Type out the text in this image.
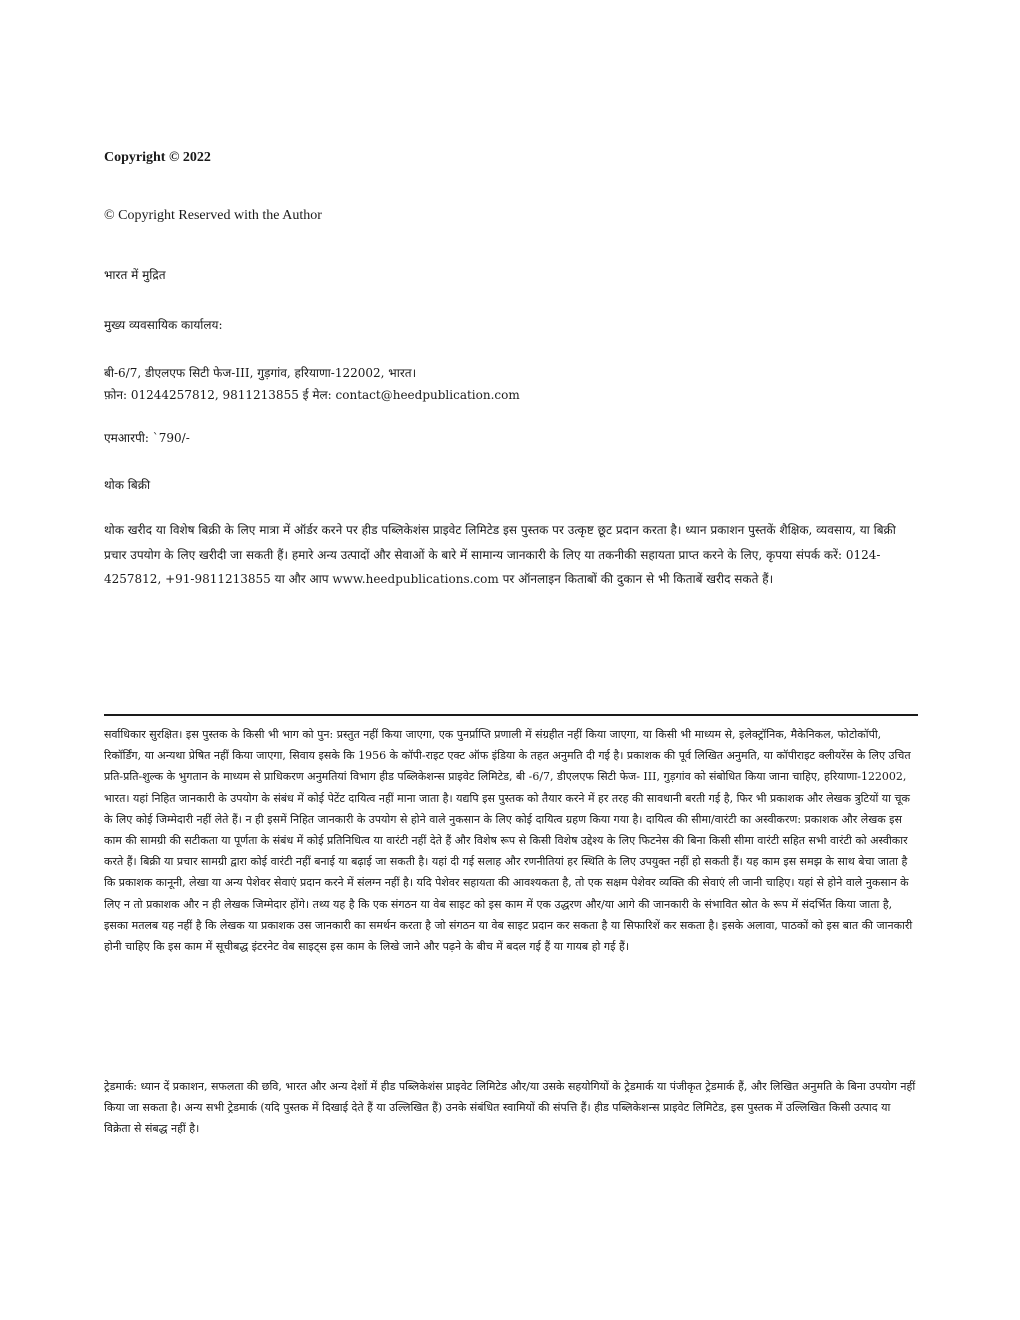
Copyright © 2022

© Copyright Reserved with the Author

भारत में मुद्रित

मुख्य व्यवसायिक कार्यालय:

बी-6/7, डीएलएफ सिटी फेज-III, गुड़गांव, हरियाणा-122002, भारत।
फ़ोन: 01244257812, 9811213855 ई मेल: contact@heedpublication.com

एमआरपी: `790/-

थोक बिक्री

थोक खरीद या विशेष बिक्री के लिए मात्रा में ऑर्डर करने पर हीड पब्लिकेशंस प्राइवेट लिमिटेड इस पुस्तक पर उत्कृष्ट छूट प्रदान करता है। ध्यान प्रकाशन पुस्तकें शैक्षिक, व्यवसाय, या बिक्री प्रचार उपयोग के लिए खरीदी जा सकती हैं। हमारे अन्य उत्पादों और सेवाओं के बारे में सामान्य जानकारी के लिए या तकनीकी सहायता प्राप्त करने के लिए, कृपया संपर्क करें: 0124-4257812, +91-9811213855 या और आप www.heedpublications.com पर ऑनलाइन किताबों की दुकान से भी किताबें खरीद सकते हैं।

सर्वाधिकार सुरक्षित। इस पुस्तक के किसी भी भाग को पुन: प्रस्तुत नहीं किया जाएगा, एक पुनर्प्राप्ति प्रणाली में संग्रहीत नहीं किया जाएगा, या किसी भी माध्यम से, इलेक्ट्रॉनिक, मैकेनिकल, फोटोकॉपी, रिकॉर्डिंग, या अन्यथा प्रेषित नहीं किया जाएगा, सिवाय इसके कि 1956 के कॉपी-राइट एक्ट ऑफ इंडिया के तहत अनुमति दी गई है। प्रकाशक की पूर्व लिखित अनुमति, या कॉपीराइट क्लीयरेंस के लिए उचित प्रति-प्रति-शुल्क के भुगतान के माध्यम से प्राधिकरण अनुमतियां विभाग हीड पब्लिकेशन्स प्राइवेट लिमिटेड, बी -6/7, डीएलएफ सिटी फेज- III, गुड़गांव को संबोधित किया जाना चाहिए, हरियाणा-122002, भारत। यहां निहित जानकारी के उपयोग के संबंध में कोई पेटेंट दायित्व नहीं माना जाता है। यद्यपि इस पुस्तक को तैयार करने में हर तरह की सावधानी बरती गई है, फिर भी प्रकाशक और लेखक त्रुटियों या चूक के लिए कोई जिम्मेदारी नहीं लेते हैं। न ही इसमें निहित जानकारी के उपयोग से होने वाले नुकसान के लिए कोई दायित्व ग्रहण किया गया है। दायित्व की सीमा/वारंटी का अस्वीकरण: प्रकाशक और लेखक इस काम की सामग्री की सटीकता या पूर्णता के संबंध में कोई प्रतिनिधित्व या वारंटी नहीं देते हैं और विशेष रूप से किसी विशेष उद्देश्य के लिए फिटनेस की बिना किसी सीमा वारंटी सहित सभी वारंटी को अस्वीकार करते हैं। बिक्री या प्रचार सामग्री द्वारा कोई वारंटी नहीं बनाई या बढ़ाई जा सकती है। यहां दी गई सलाह और रणनीतियां हर स्थिति के लिए उपयुक्त नहीं हो सकती हैं। यह काम इस समझ के साथ बेचा जाता है कि प्रकाशक कानूनी, लेखा या अन्य पेशेवर सेवाएं प्रदान करने में संलग्न नहीं है। यदि पेशेवर सहायता की आवश्यकता है, तो एक सक्षम पेशेवर व्यक्ति की सेवाएं ली जानी चाहिए। यहां से होने वाले नुकसान के लिए न तो प्रकाशक और न ही लेखक जिम्मेदार होंगे। तथ्य यह है कि एक संगठन या वेब साइट को इस काम में एक उद्धरण और/या आगे की जानकारी के संभावित स्रोत के रूप में संदर्भित किया जाता है, इसका मतलब यह नहीं है कि लेखक या प्रकाशक उस जानकारी का समर्थन करता है जो संगठन या वेब साइट प्रदान कर सकता है या सिफारिशें कर सकता है। इसके अलावा, पाठकों को इस बात की जानकारी होनी चाहिए कि इस काम में सूचीबद्ध इंटरनेट वेब साइट्स इस काम के लिखे जाने और पढ़ने के बीच में बदल गई हैं या गायब हो गई हैं।

ट्रेडमार्क: ध्यान दें प्रकाशन, सफलता की छवि, भारत और अन्य देशों में हीड पब्लिकेशंस प्राइवेट लिमिटेड और/या उसके सहयोगियों के ट्रेडमार्क या पंजीकृत ट्रेडमार्क हैं, और लिखित अनुमति के बिना उपयोग नहीं किया जा सकता है। अन्य सभी ट्रेडमार्क (यदि पुस्तक में दिखाई देते हैं या उल्लिखित हैं) उनके संबंधित स्वामियों की संपत्ति हैं। हीड पब्लिकेशन्स प्राइवेट लिमिटेड, इस पुस्तक में उल्लिखित किसी उत्पाद या विक्रेता से संबद्ध नहीं है।
